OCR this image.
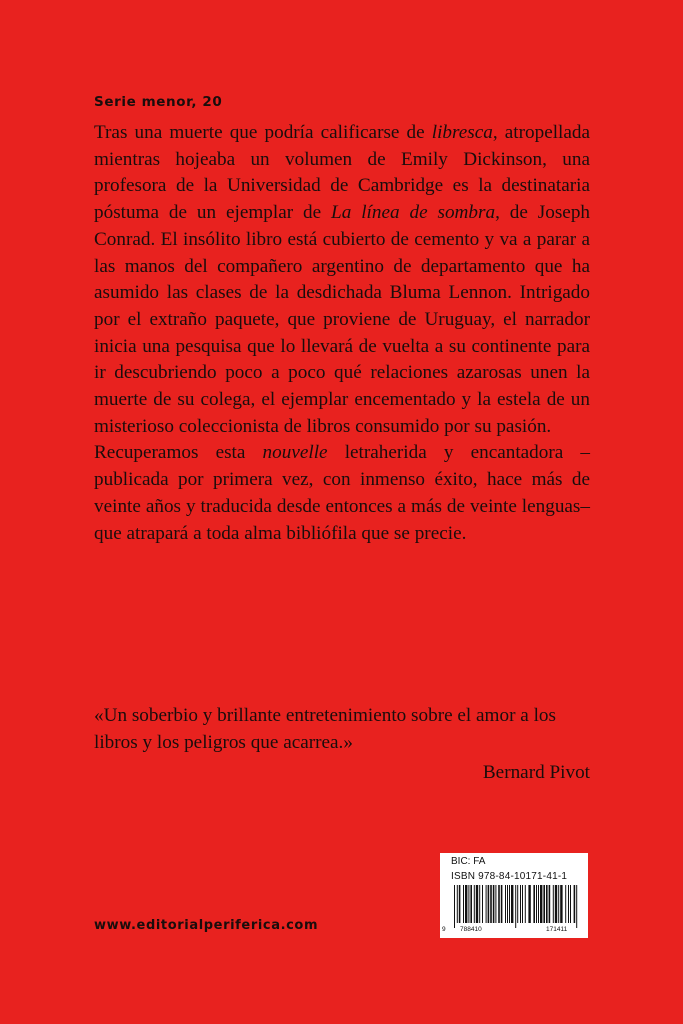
Serie menor, 20

Tras una muerte que podría calificarse de libresca, atropellada mientras hojeaba un volumen de Emily Dickinson, una profesora de la Universidad de Cambridge es la destinataria póstuma de un ejemplar de La línea de sombra, de Joseph Conrad. El insólito libro está cubierto de cemento y va a parar a las manos del compañero argentino de departamento que ha asumido las clases de la desdichada Bluma Lennon. Intrigado por el extraño paquete, que proviene de Uruguay, el narrador inicia una pesquisa que lo llevará de vuelta a su continente para ir descubriendo poco a poco qué relaciones azarosas unen la muerte de su colega, el ejemplar encementado y la estela de un misterioso coleccionista de libros consumido por su pasión.

Recuperamos esta nouvelle letraherida y encantadora –publicada por primera vez, con inmenso éxito, hace más de veinte años y traducida desde entonces a más de veinte lenguas– que atrapará a toda alma bibliófila que se precie.

«Un soberbio y brillante entretenimiento sobre el amor a los libros y los peligros que acarrea.»

Bernard Pivot

www.editorialperiferica.com
BIC: FA
ISBN 978-84-10171-41-1
9 788410	171411
